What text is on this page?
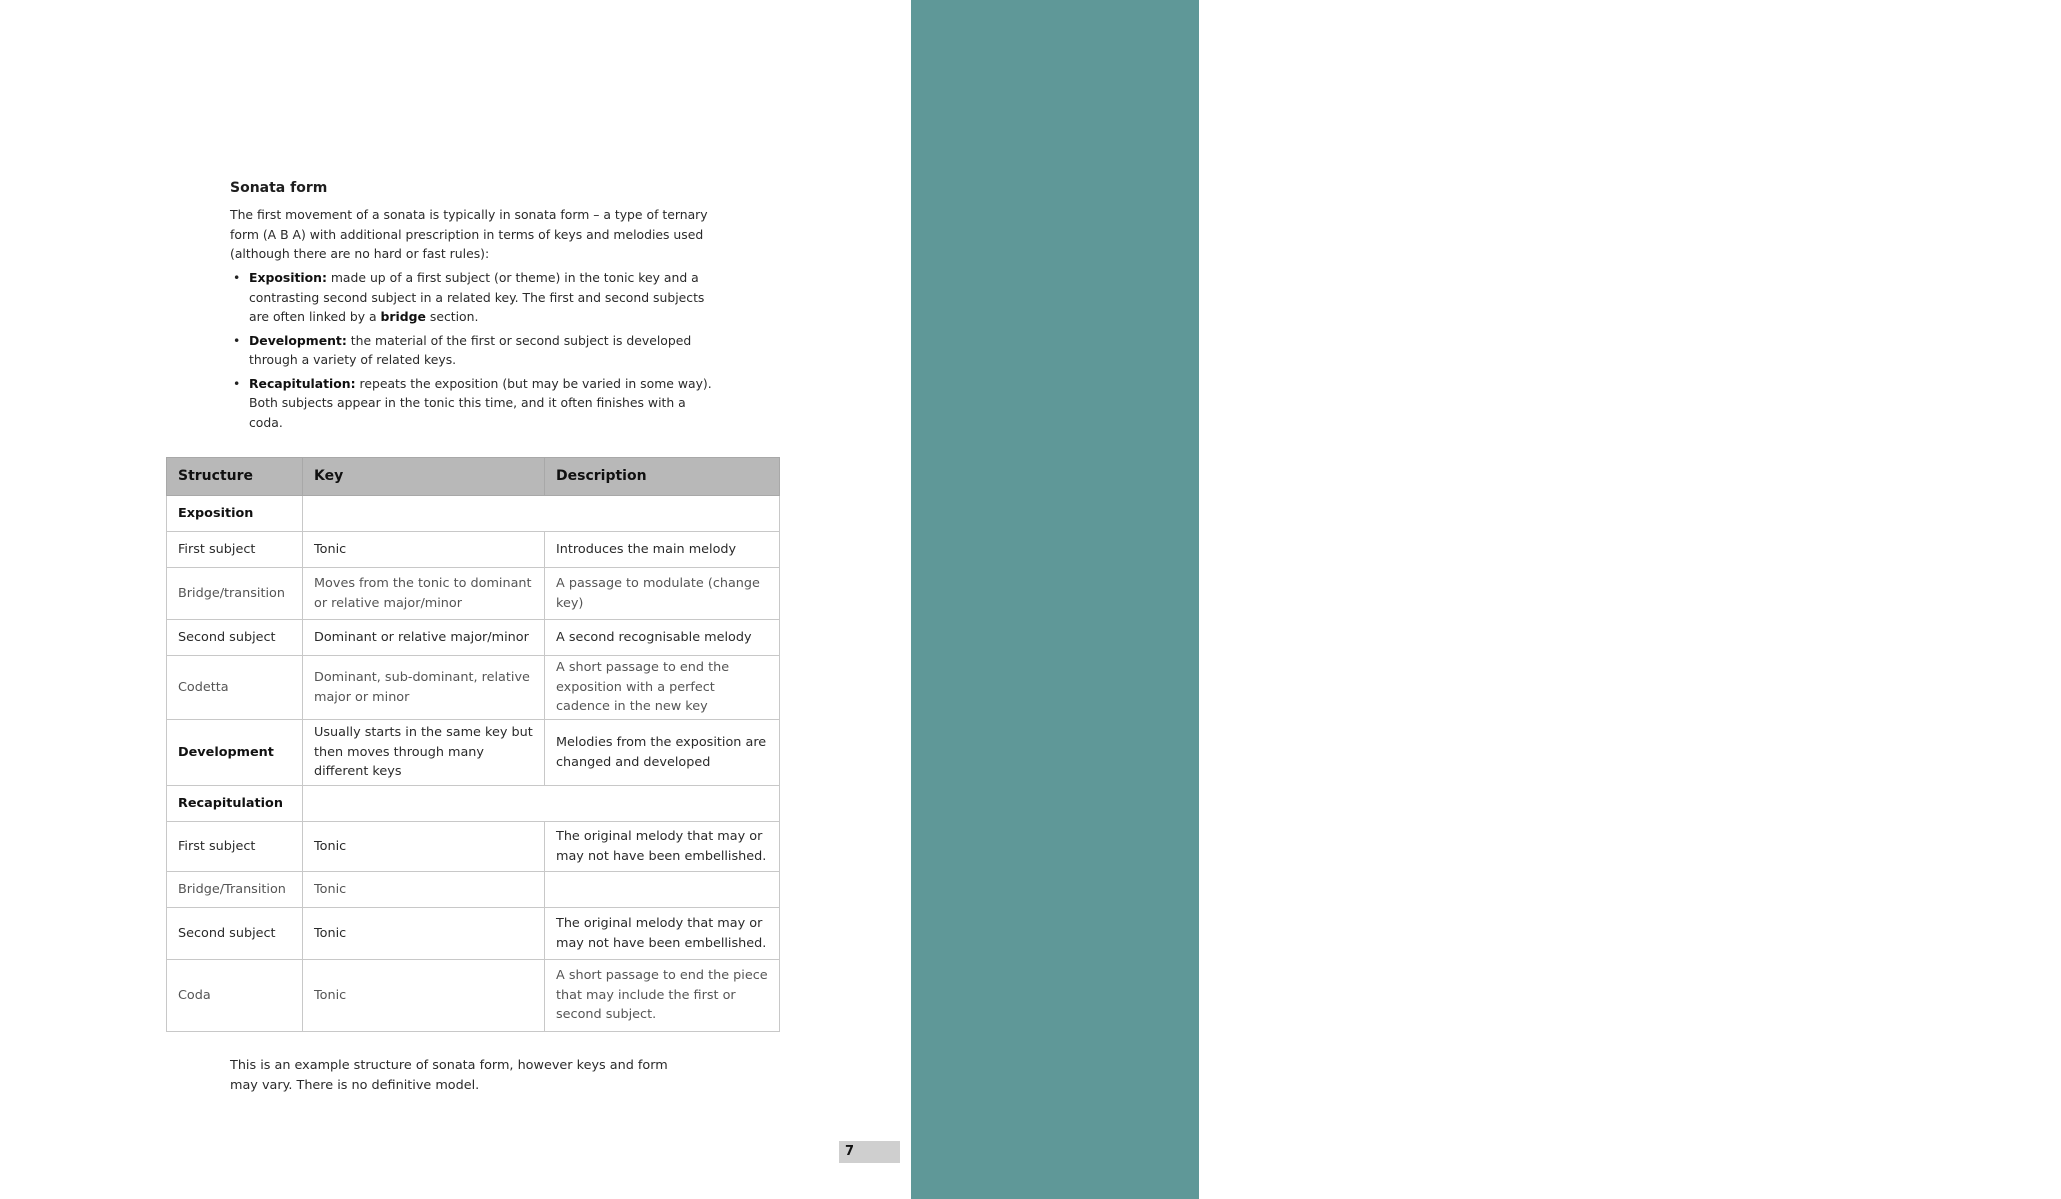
島嶼樂集
ɣsland music
Sonata form

The first movement of a sonata is typically in sonata form – a type of ternary form (A B A) with additional prescription in terms of keys and melodies used (although there are no hard or fast rules):

• Exposition: made up of a first subject (or theme) in the tonic key and a contrasting second subject in a related key. The first and second subjects are often linked by a bridge section.
• Development: the material of the first or second subject is developed through a variety of related keys.
• Recapitulation: repeats the exposition (but may be varied in some way). Both subjects appear in the tonic this time, and it often finishes with a coda.
Structure	Key	Description
Exposition		
First subject	Tonic	Introduces the main melody
Bridge/transition	Moves from the tonic to dominant or relative major/minor	A passage to modulate (change key)
Second subject	Dominant or relative major/minor	A second recognisable melody
Codetta	Dominant, sub-dominant, relative major or minor	A short passage to end the exposition with a perfect cadence in the new key
Development	Usually starts in the same key but then moves through many different keys	Melodies from the exposition are changed and developed
Recapitulation		
First subject	Tonic	The original melody that may or may not have been embellished.
Bridge/Transition	Tonic	
Second subject	Tonic	The original melody that may or may not have been embellished.
Coda	Tonic	A short passage to end the piece that may include the first or second subject.

This is an example structure of sonata form, however keys and form may vary. There is no definitive model.

7
